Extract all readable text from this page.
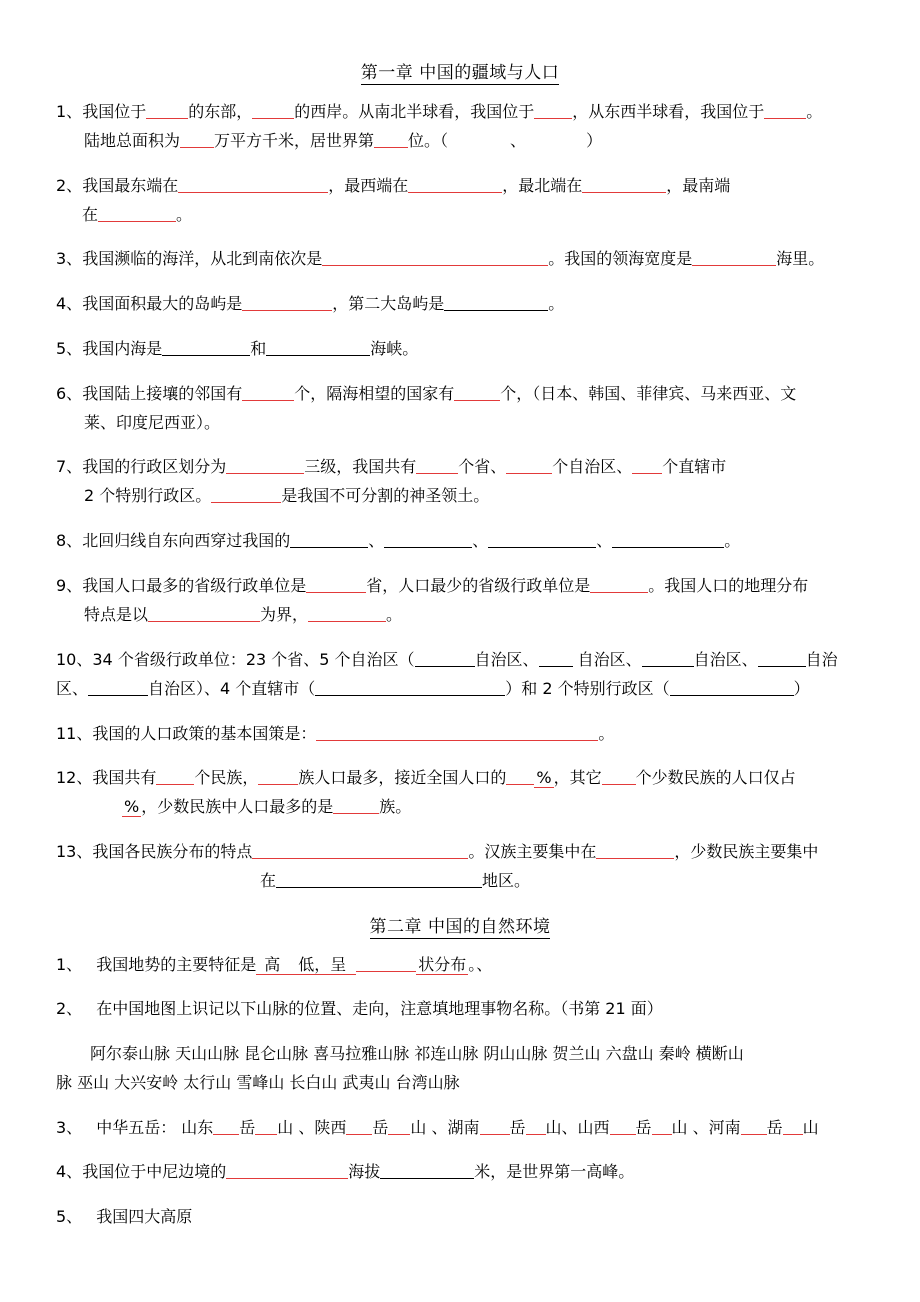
第一章 中国的疆域与人口
1、我国位于	的东部，	的西岸。从南北半球看，我国位于 ，从东西半球看，我国位于	。
陆地总面积为 万平方千米，居世界第 位。（	、	）
2、我国最东端在	，最西端在	，最北端在	，最南端
在	。
3、我国濒临的海洋，从北到南依次是	。我国的领海宽度是	海里。
4、我国面积最大的岛屿是	，第二大岛屿是	。
5、我国内海是	和	海峡。
6、我国陆上接壤的邻国有	个，隔海相望的国家有	个，（日本、韩国、菲律宾、马来西亚、文
莱、印度尼西亚）。
7、我国的行政区划分为	三级，我国共有	个省、	个自治区、 个直辖市
2 个特别行政区。	是我国不可分割的神圣领土。
8、北回归线自东向西穿过我国的	、	、	、	。
9、我国人口最多的省级行政单位是	省，人口最少的省级行政单位是	。我国人口的地理分布
特点是以	为界，	。
10、34 个省级行政单位：23 个省、5 个自治区（	自治区、 自治区、	自治区、	自治
区、	自治区）、4 个直辖市（	）和 2 个特别行政区（	）
11、我国的人口政策的基本国策是：	。
12、我国共有 个民族，	族人口最多，接近全国人口的 % ，其它 个少数民族的人口仅占
% ，少数民族中人口最多的是	族。
13、我国各民族分布的特点	。汉族主要集中在	，少数民族主要集中
在	地区。
第二章 中国的自然环境
1、 我国地势的主要特征是 高 低，呈	状分布 。、
2、 在中国地图上识记以下山脉的位置、走向，注意填地理事物名称。（书第 21 面）
阿尔泰山脉 天山山脉 昆仑山脉 喜马拉雅山脉 祁连山脉 阴山山脉 贺兰山 六盘山 秦岭 横断山
脉 巫山 大兴安岭 太行山 雪峰山 长白山 武夷山 台湾山脉
3、 中华五岳： 山东 岳 山 、陕西 岳 山 、湖南 岳 山、山西 岳 山 、河南 岳 山
4、我国位于中尼边境的	海拔	米，是世界第一高峰。
5、 我国四大高原
